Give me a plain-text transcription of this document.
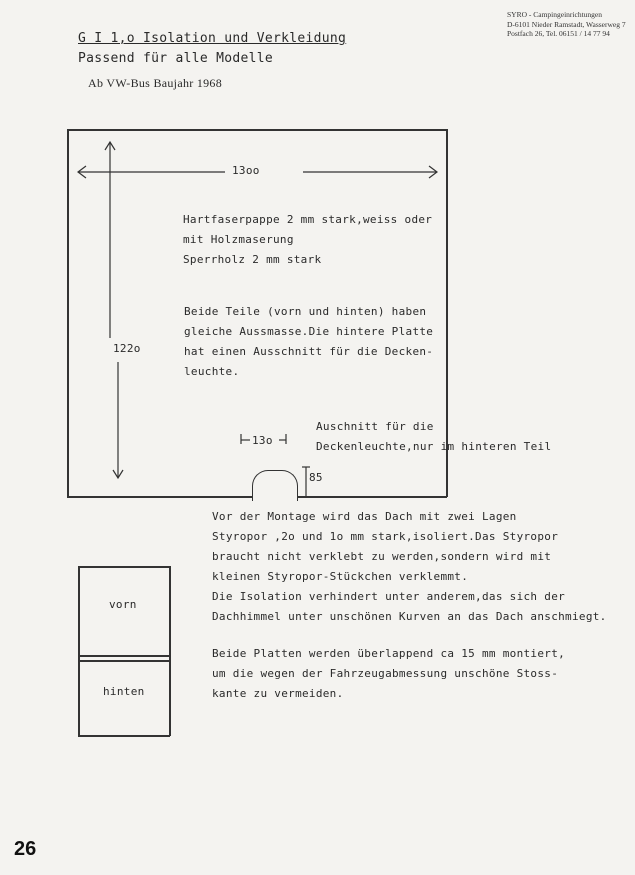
SYRO - Campingeinrichtungen
D-6101 Nieder Ramstadt, Wasserweg 7
Postfach 26, Tel. 06151 / 14 77 94
G I 1,o Isolation und Verkleidung
Passend für alle Modelle
Ab VW-Bus Baujahr 1968
13oo
122o
13o
85
Hartfaserpappe 2 mm stark,weiss oder
mit Holzmaserung
Sperrholz 2 mm stark
Beide Teile (vorn und hinten) haben
gleiche Aussmasse.Die hintere Platte
hat einen Ausschnitt für die Decken-
leuchte.
Auschnitt für die
Deckenleuchte,nur im hinteren Teil
Vor der Montage wird das Dach mit zwei Lagen
Styropor ,2o und 1o mm stark,isoliert.Das Styropor
braucht nicht verklebt zu werden,sondern wird mit
kleinen Styropor-Stückchen verklemmt.
Die Isolation verhindert unter anderem,das sich der
Dachhimmel unter unschönen Kurven an das Dach anschmiegt.
vorn
hinten
Beide Platten werden überlappend ca 15 mm montiert,
um die wegen der Fahrzeugabmessung unschöne Stoss-
kante zu vermeiden.
26
